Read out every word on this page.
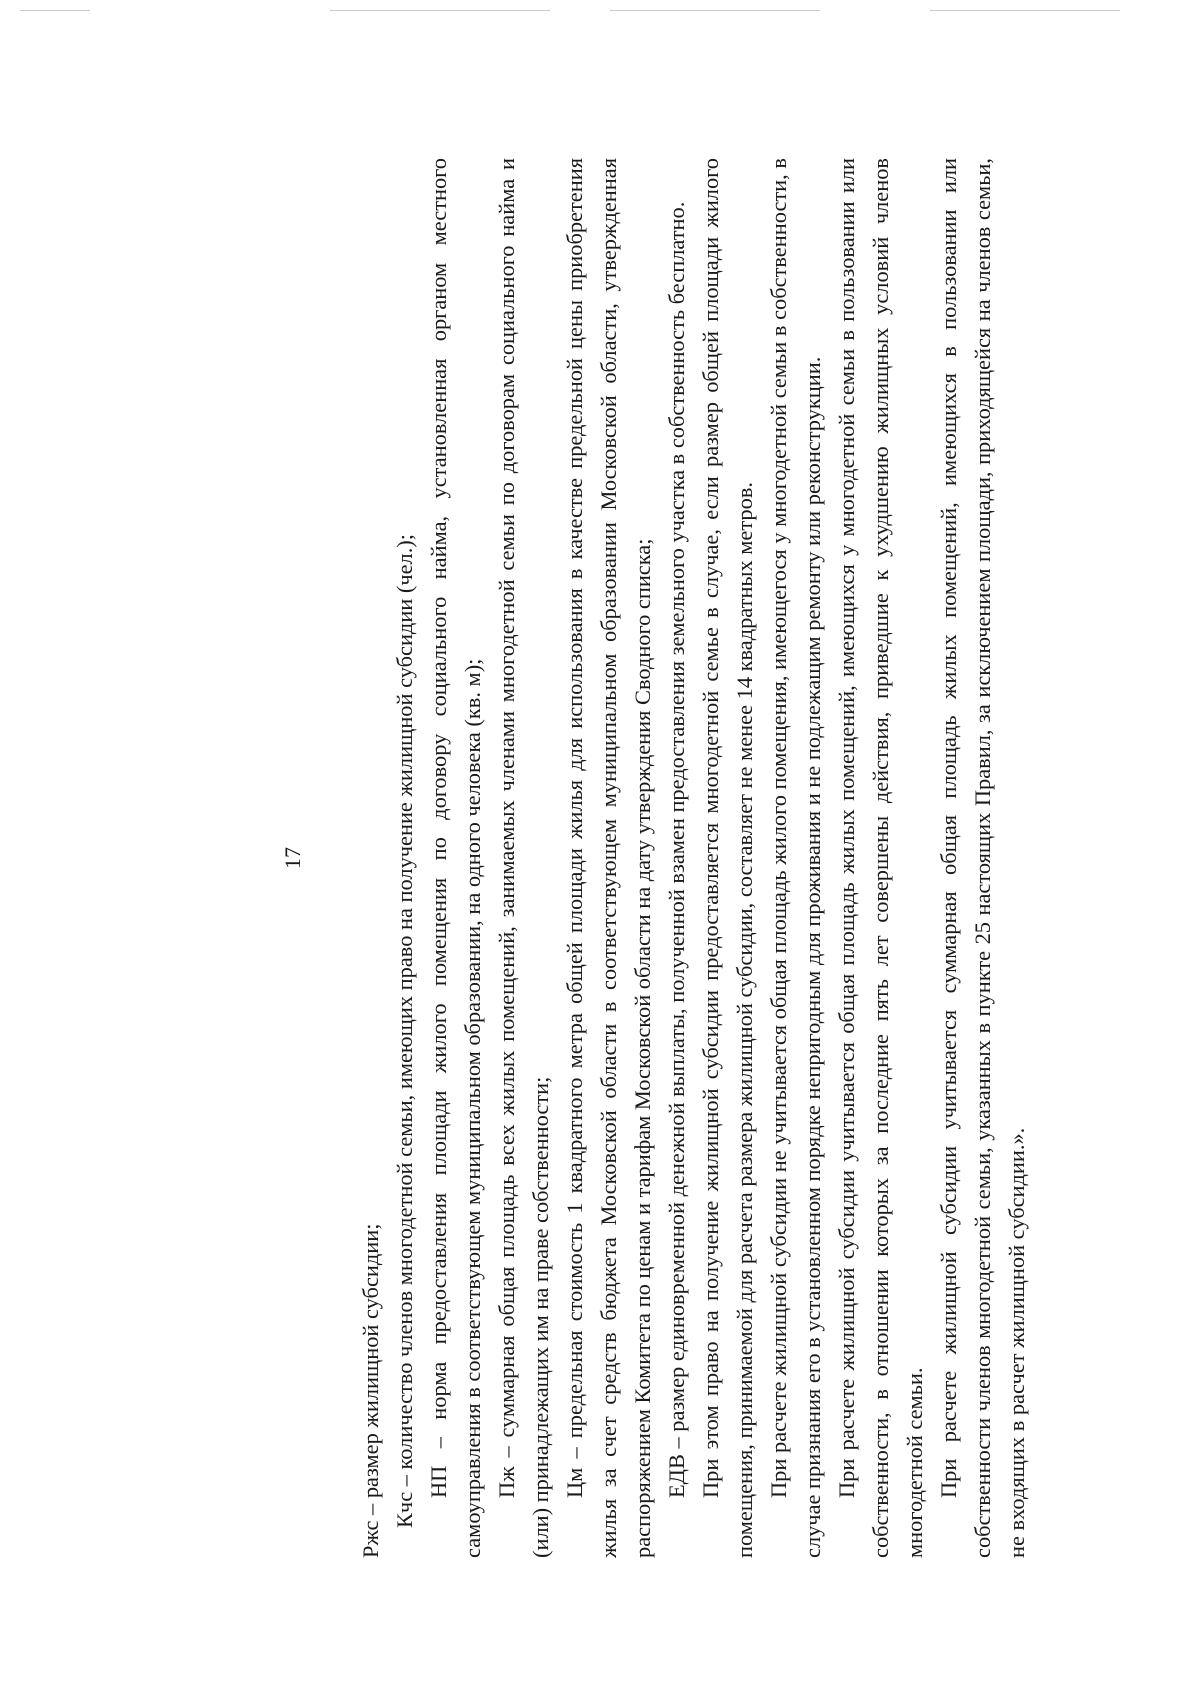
17

Ржс – размер жилищной субсидии; Кчс – количество членов многодетной семьи, имеющих право на получение жилищной субсидии (чел.); НП – норма предоставления площади жилого помещения по договору социального найма, установленная органом местного самоуправления в соответствующем муниципальном образовании, на одного человека (кв. м); Пж – суммарная общая площадь всех жилых помещений, занимаемых членами многодетной семьи по договорам социального найма и (или) принадлежащих им на праве собственности; Цм – предельная стоимость 1 квадратного метра общей площади жилья для использования в качестве предельной цены приобретения жилья за счет средств бюджета Московской области в соответствующем муниципальном образовании Московской области, утвержденная распоряжением Комитета по ценам и тарифам Московской области на дату утверждения Сводного списка; ЕДВ – размер единовременной денежной выплаты, полученной взамен предоставления земельного участка в собственность бесплатно. При этом право на получение жилищной субсидии предоставляется многодетной семье в случае, если размер общей площади жилого помещения, принимаемой для расчета размера жилищной субсидии, составляет не менее 14 квадратных метров. При расчете жилищной субсидии не учитывается общая площадь жилого помещения, имеющегося у многодетной семьи в собственности, в случае признания его в установленном порядке непригодным для проживания и не подлежащим ремонту или реконструкции. При расчете жилищной субсидии учитывается общая площадь жилых помещений, имеющихся у многодетной семьи в пользовании или собственности, в отношении которых за последние пять лет совершены действия, приведшие к ухудшению жилищных условий членов многодетной семьи. При расчете жилищной субсидии учитывается суммарная общая площадь жилых помещений, имеющихся в пользовании или собственности членов многодетной семьи, указанных в пункте 25 настоящих Правил, за исключением площади, приходящейся на членов семьи, не входящих в расчет жилищной субсидии.».
